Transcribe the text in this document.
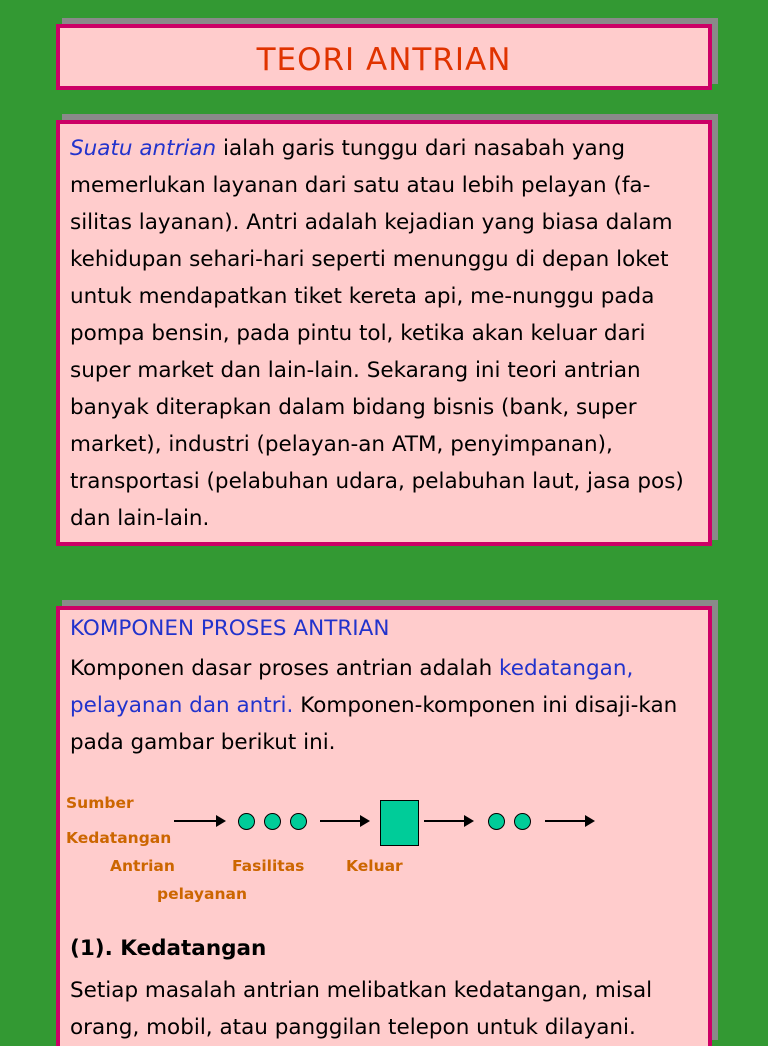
TEORI ANTRIAN
Suatu antrian ialah garis tunggu dari nasabah yang memerlukan layanan dari satu atau lebih pelayan (fa-silitas layanan). Antri adalah kejadian yang biasa dalam kehidupan sehari-hari seperti menunggu di depan loket untuk mendapatkan tiket kereta api, me-nunggu pada pompa bensin, pada pintu tol, ketika akan keluar dari super market dan lain-lain. Sekarang ini teori antrian banyak diterapkan dalam bidang bisnis (bank, super market), industri (pelayan-an ATM, penyimpanan), transportasi (pelabuhan udara, pelabuhan laut, jasa pos) dan lain-lain.
KOMPONEN PROSES ANTRIAN
Komponen dasar proses antrian adalah kedatangan, pelayanan dan antri. Komponen-komponen ini disaji-kan pada gambar berikut ini.
Sumber
Kedatangan
Antrian	Fasilitas
pelayanan
Keluar
(1). Kedatangan
Setiap masalah antrian melibatkan kedatangan, misal orang, mobil, atau panggilan telepon untuk dilayani.
